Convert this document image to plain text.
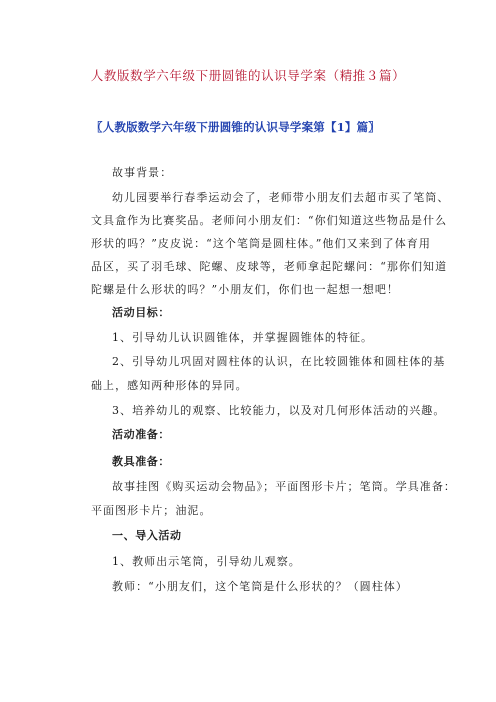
人教版数学六年级下册圆锥的认识导学案（精推３篇）
〖人教版数学六年级下册圆锥的认识导学案第【1】篇〗
故事背景：
幼儿园要举行春季运动会了，老师带小朋友们去超市买了笔筒、
文具盒作为比赛奖品。老师问小朋友们：“你们知道这些物品是什么
形状的吗？”皮皮说：“这个笔筒是圆柱体。”他们又来到了体育用
品区，买了羽毛球、陀螺、皮球等，老师拿起陀螺问：“那你们知道
陀螺是什么形状的吗？”小朋友们，你们也一起想一想吧！
活动目标：
1、引导幼儿认识圆锥体，并掌握圆锥体的特征。
2、引导幼儿巩固对圆柱体的认识，在比较圆锥体和圆柱体的基
础上，感知两种形体的异同。
3、培养幼儿的观察、比较能力，以及对几何形体活动的兴趣。
活动准备：
教具准备：
故事挂图《购买运动会物品》；平面图形卡片；笔筒。学具准备：
平面图形卡片；油泥。
一、导入活动
1、教师出示笔筒，引导幼儿观察。
教师：“小朋友们，这个笔筒是什么形状的？（圆柱体）
